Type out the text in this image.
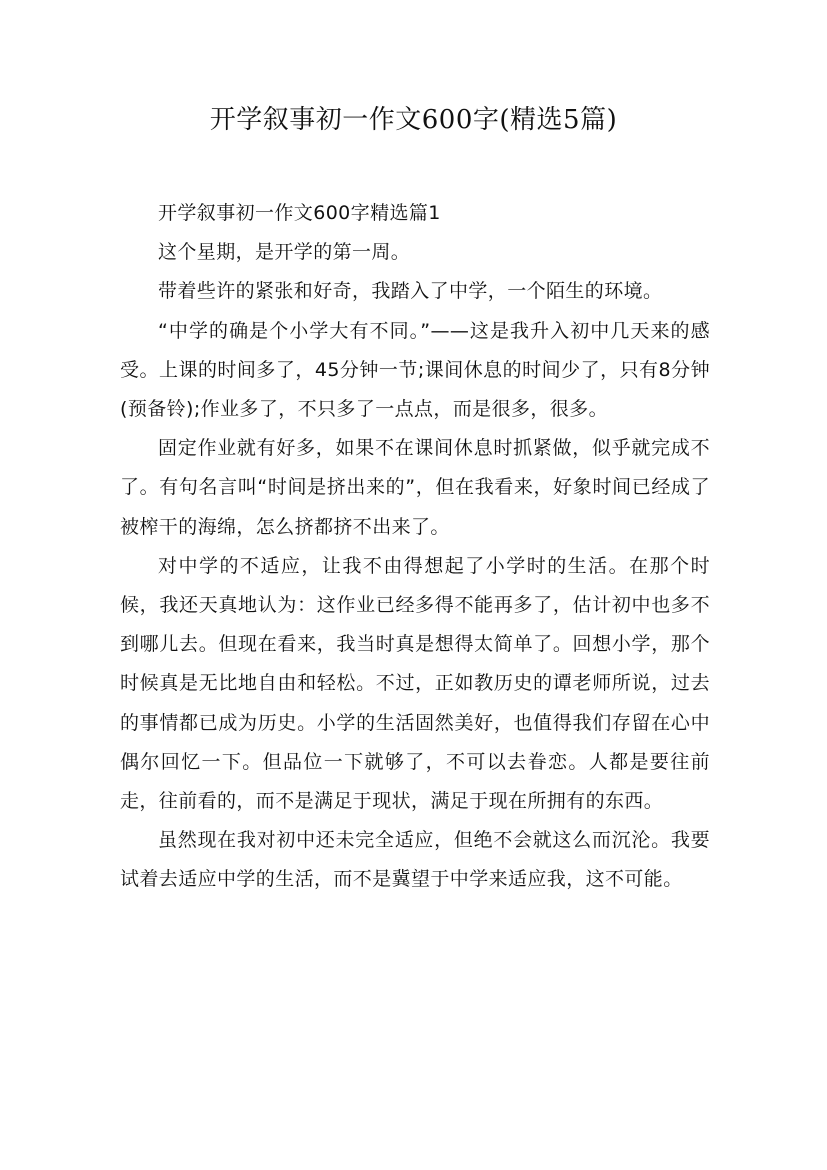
开学叙事初一作文600字(精选5篇)

开学叙事初一作文600字精选篇1

这个星期，是开学的第一周。

带着些许的紧张和好奇，我踏入了中学，一个陌生的环境。

“中学的确是个小学大有不同。”——这是我升入初中几天来的感受。上课的时间多了，45分钟一节;课间休息的时间少了，只有8分钟(预备铃);作业多了，不只多了一点点，而是很多，很多。

固定作业就有好多，如果不在课间休息时抓紧做，似乎就完成不了。有句名言叫“时间是挤出来的”，但在我看来，好象时间已经成了被榨干的海绵，怎么挤都挤不出来了。

对中学的不适应，让我不由得想起了小学时的生活。在那个时候，我还天真地认为：这作业已经多得不能再多了，估计初中也多不到哪儿去。但现在看来，我当时真是想得太简单了。回想小学，那个时候真是无比地自由和轻松。不过，正如教历史的谭老师所说，过去的事情都已成为历史。小学的生活固然美好，也值得我们存留在心中偶尔回忆一下。但品位一下就够了，不可以去眷恋。人都是要往前走，往前看的，而不是满足于现状，满足于现在所拥有的东西。

虽然现在我对初中还未完全适应，但绝不会就这么而沉沦。我要试着去适应中学的生活，而不是冀望于中学来适应我，这不可能。
